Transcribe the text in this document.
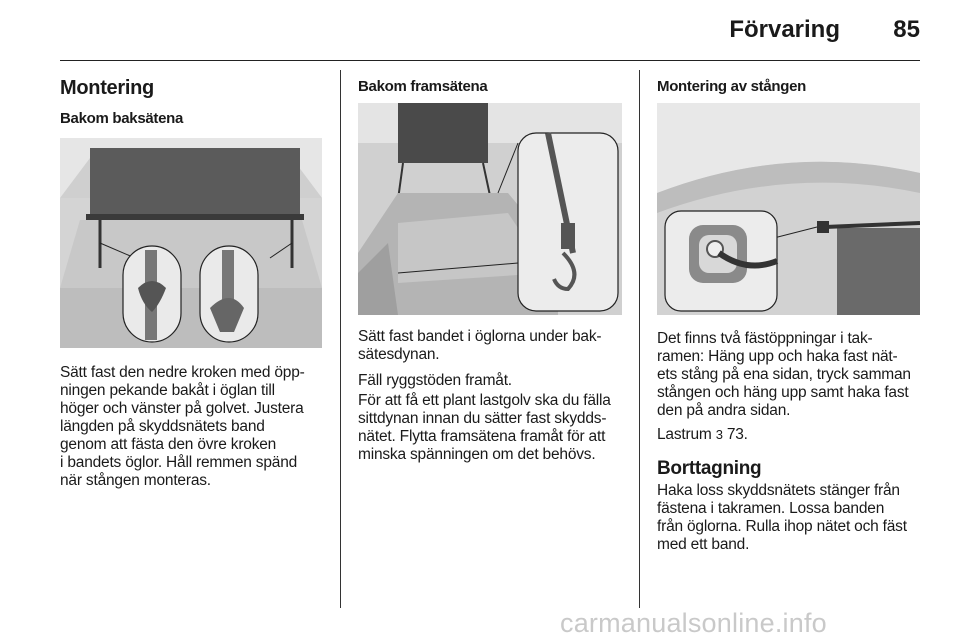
Förvaring	85
Montering
Bakom baksätena

Sätt fast den nedre kroken med öpp-
ningen pekande bakåt i öglan till
höger och vänster på golvet. Justera
längden på skyddsnätets band
genom att fästa den övre kroken
i bandets öglor. Håll remmen spänd
när stången monteras.

Bakom framsätena

Sätt fast bandet i öglorna under bak-
sätesdynan.

Fäll ryggstöden framåt.

För att få ett plant lastgolv ska du fälla
sittdynan innan du sätter fast skydds-
nätet. Flytta framsätena framåt för att
minska spänningen om det behövs.

Montering av stången

Det finns två fästöppningar i tak-
ramen: Häng upp och haka fast nät-
ets stång på ena sidan, tryck samman
stången och häng upp samt haka fast
den på andra sidan.

Lastrum 3 73.

Borttagning

Haka loss skyddsnätets stänger från
fästena i takramen. Lossa banden
från öglorna. Rulla ihop nätet och fäst
med ett band.

carmanualsonline.info
